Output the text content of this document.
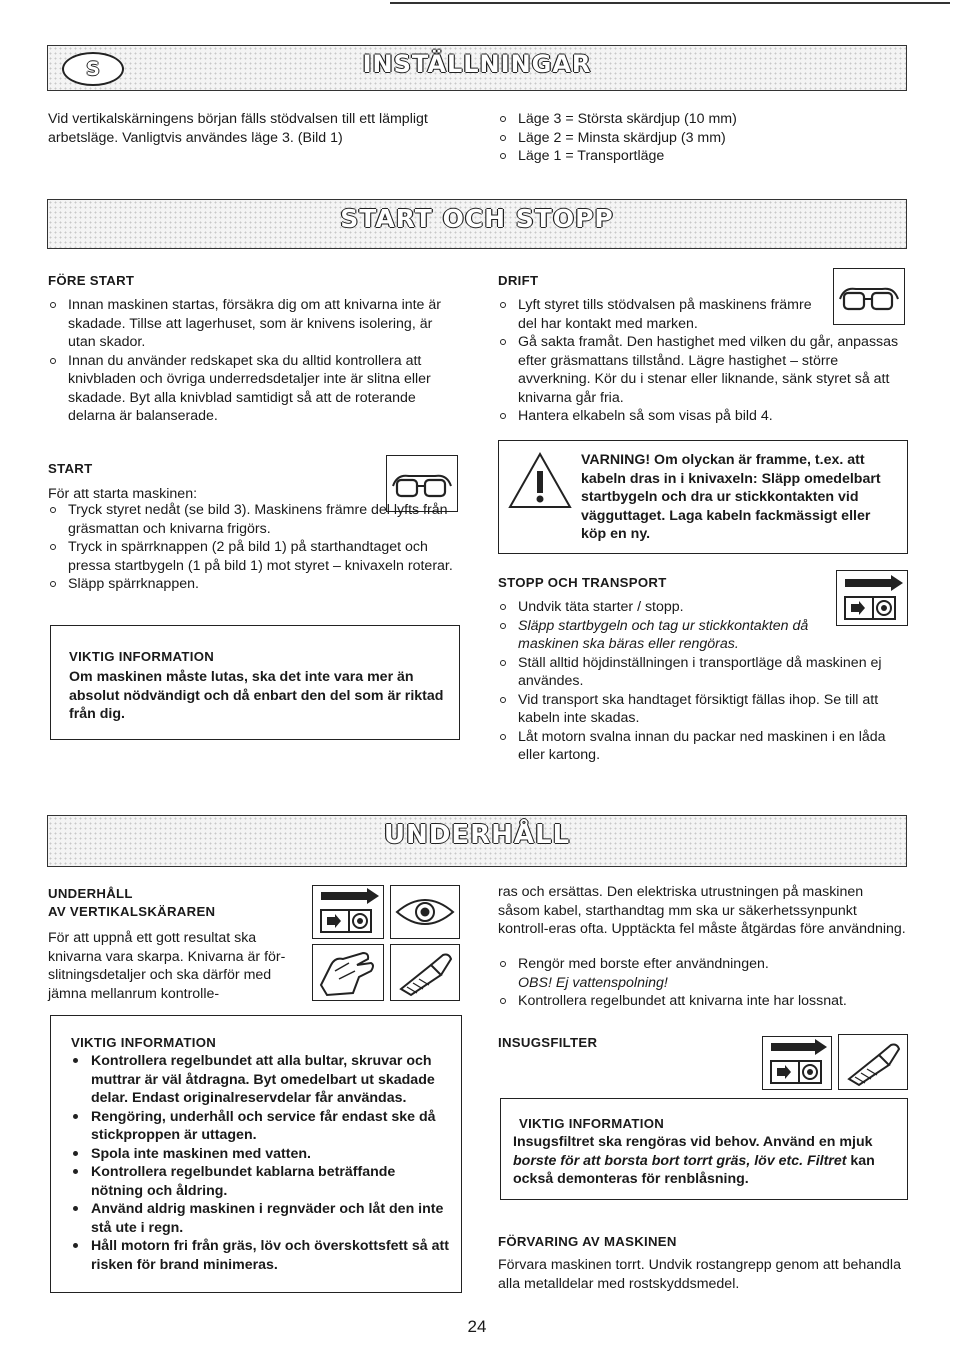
S	INSTÄLLNINGAR
Vid vertikalskärningens början fälls stödvalsen till ett lämpligt arbetsläge. Vanligtvis användes läge 3. (Bild 1)
Läge 3 = Största skärdjup (10 mm)
Läge 2 = Minsta skärdjup (3 mm)
Läge 1 = Transportläge
START OCH STOPP
FÖRE START
Innan maskinen startas, försäkra dig om att knivarna inte är skadade. Tillse att lagerhuset, som är knivens isolering, är utan skador.
Innan du använder redskapet ska du alltid kontrollera att knivbladen och övriga underredsdetaljer inte är slitna eller skadade. Byt alla knivblad samtidigt så att de roterande delarna är balanserade.
START
För att starta maskinen:
Tryck styret nedåt (se bild 3). Maskinens främre del lyfts från gräsmattan och knivarna frigörs.
Tryck in spärrknappen (2 på bild 1) på starthandtaget och pressa startbygeln (1 på bild 1) mot styret – knivaxeln roterar.
Släpp spärrknappen.
VIKTIG INFORMATION
Om maskinen måste lutas, ska det inte vara mer än absolut nödvändigt och då enbart den del som är riktad från dig.
DRIFT
Lyft styret tills stödvalsen på maskinens främre del har kontakt med marken.
Gå sakta framåt. Den hastighet med vilken du går, anpassas efter gräsmattans tillstånd. Lägre hastighet – större avverkning. Kör du i stenar eller liknande, sänk styret så att knivarna går fria.
Hantera elkabeln så som visas på bild 4.
VARNING! Om olyckan är framme, t.ex. att kabeln dras in i knivaxeln: Släpp omedelbart startbygeln och dra ur stickkontakten vid vägguttaget. Laga kabeln fackmässigt eller köp en ny.
STOPP OCH TRANSPORT
Undvik täta starter / stopp.
Släpp startbygeln och tag ur stickkontakten då maskinen ska bäras eller rengöras.
Ställ alltid höjdinställningen i transportläge då maskinen ej användes.
Vid transport ska handtaget försiktigt fällas ihop. Se till att kabeln inte skadas.
Låt motorn svalna innan du packar ned maskinen i en låda eller kartong.
UNDERHÅLL
UNDERHÅLL
AV VERTIKALSKÄRAREN
För att uppnå ett gott resultat ska knivarna vara skarpa. Knivarna är för-slitningsdetaljer och ska därför med jämna mellanrum kontrolle-
VIKTIG INFORMATION
Kontrollera regelbundet att alla bultar, skruvar och muttrar är väl åtdragna. Byt omedelbart ut skadade delar. Endast originalreservdelar får användas.
Rengöring, underhåll och service får endast ske då stickproppen är uttagen.
Spola inte maskinen med vatten.
Kontrollera regelbundet kablarna beträffande nötning och åldring.
Använd aldrig maskinen i regnväder och låt den inte stå ute i regn.
Håll motorn fri från gräs, löv och överskottsfett så att risken för brand minimeras.
ras och ersättas. Den elektriska utrustningen på maskinen såsom kabel, starthandtag mm ska ur säkerhetssynpunkt kontroll-eras ofta. Upptäckta fel måste åtgärdas före användning.
Rengör med borste efter användningen.
OBS! Ej vattenspolning!
Kontrollera regelbundet att knivarna inte har lossnat.
INSUGSFILTER
VIKTIG INFORMATION
Insugsfiltret ska rengöras vid behov. Använd en mjuk borste för att borsta bort torrt gräs, löv etc. Filtret kan också demonteras för renblåsning.
FÖRVARING AV MASKINEN
Förvara maskinen torrt. Undvik rostangrepp genom att behandla alla metalldelar med rostskyddsmedel.
24
